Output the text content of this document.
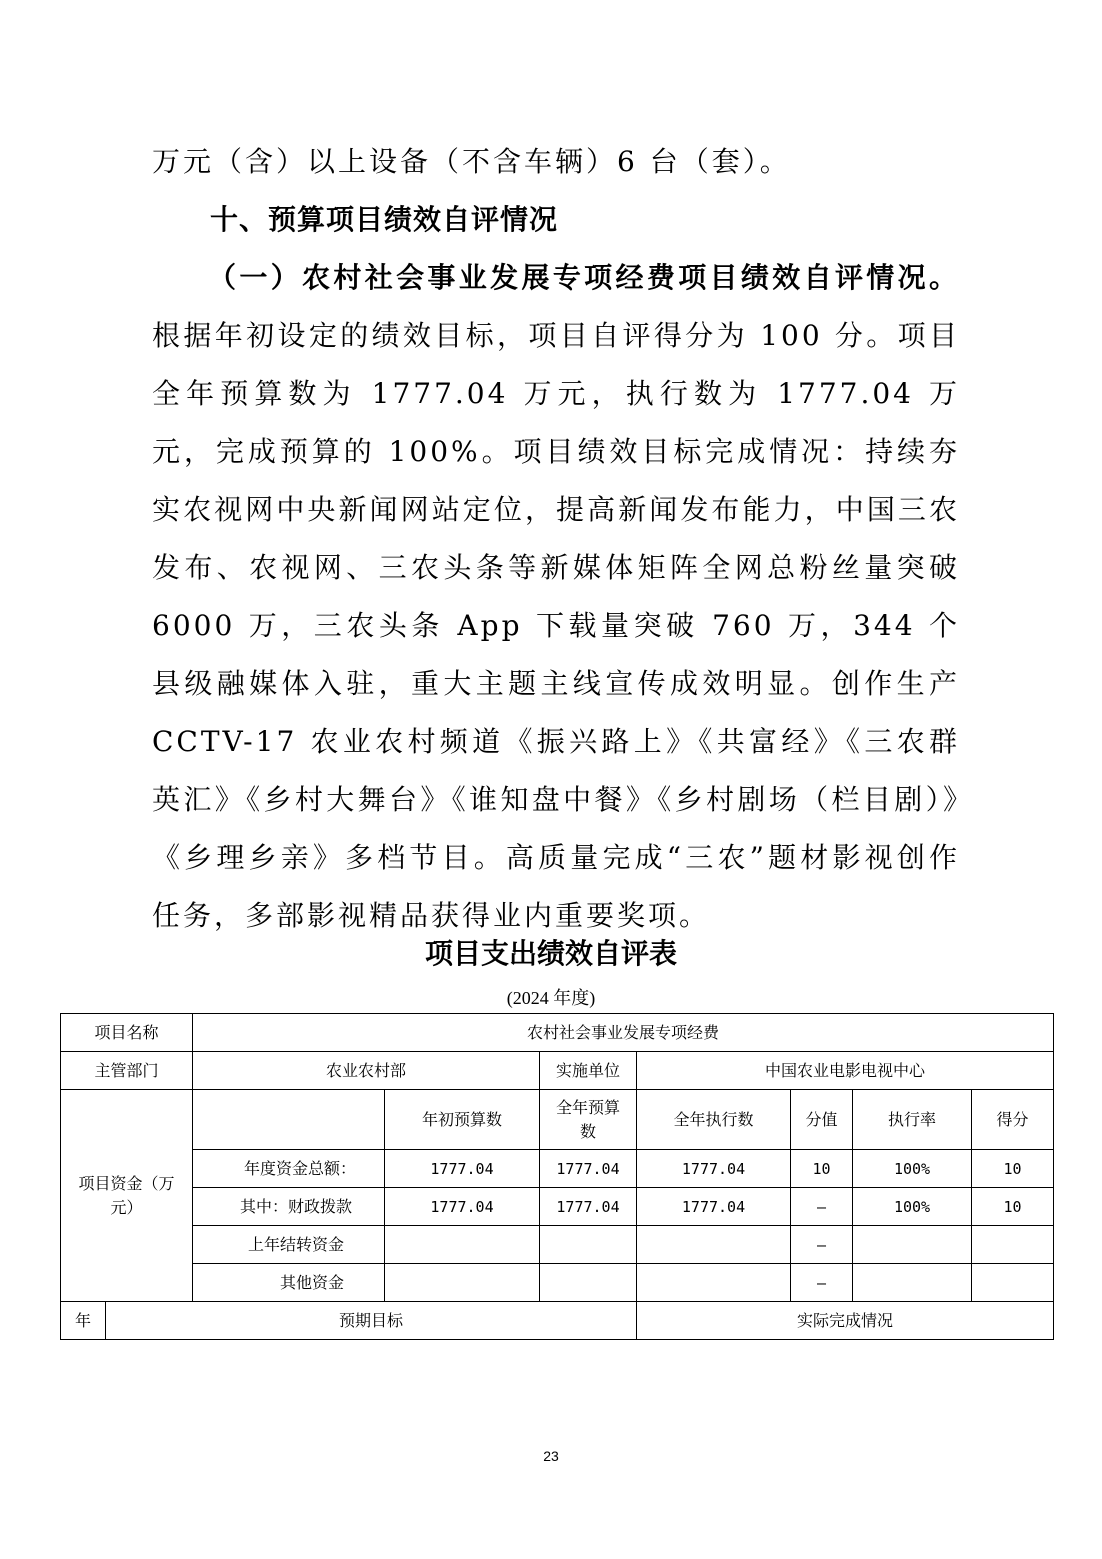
万元（含）以上设备（不含车辆）6 台（套）。
十、预算项目绩效自评情况
（一）农村社会事业发展专项经费项目绩效自评情况。根据年初设定的绩效目标，项目自评得分为 100 分。项目全年预算数为 1777.04 万元，执行数为 1777.04 万元，完成预算的 100%。项目绩效目标完成情况：持续夯实农视网中央新闻网站定位，提高新闻发布能力，中国三农发布、农视网、三农头条等新媒体矩阵全网总粉丝量突破 6000 万，三农头条 App 下载量突破 760 万，344 个县级融媒体入驻，重大主题主线宣传成效明显。创作生产 CCTV-17 农业农村频道《振兴路上》《共富经》《三农群英汇》《乡村大舞台》《谁知盘中餐》《乡村剧场（栏目剧）》《乡理乡亲》多档节目。高质量完成“三农”题材影视创作任务，多部影视精品获得业内重要奖项。
项目支出绩效自评表
(2024 年度)
项目名称		农村社会事业发展专项经费						
主管部门		农业农村部		实施单位	中国农业电影电视中心			
项目资金（万元）			年初预算数	全年预算数	全年执行数	分值	执行率	得分
		年度资金总额：	1777.04	1777.04	1777.04	10	100%	10
		其中：财政拨款	1777.04	1777.04	1777.04	—	100%	10
		上年结转资金				—		
		其他资金				—		
年	预期目标				实际完成情况			
23
